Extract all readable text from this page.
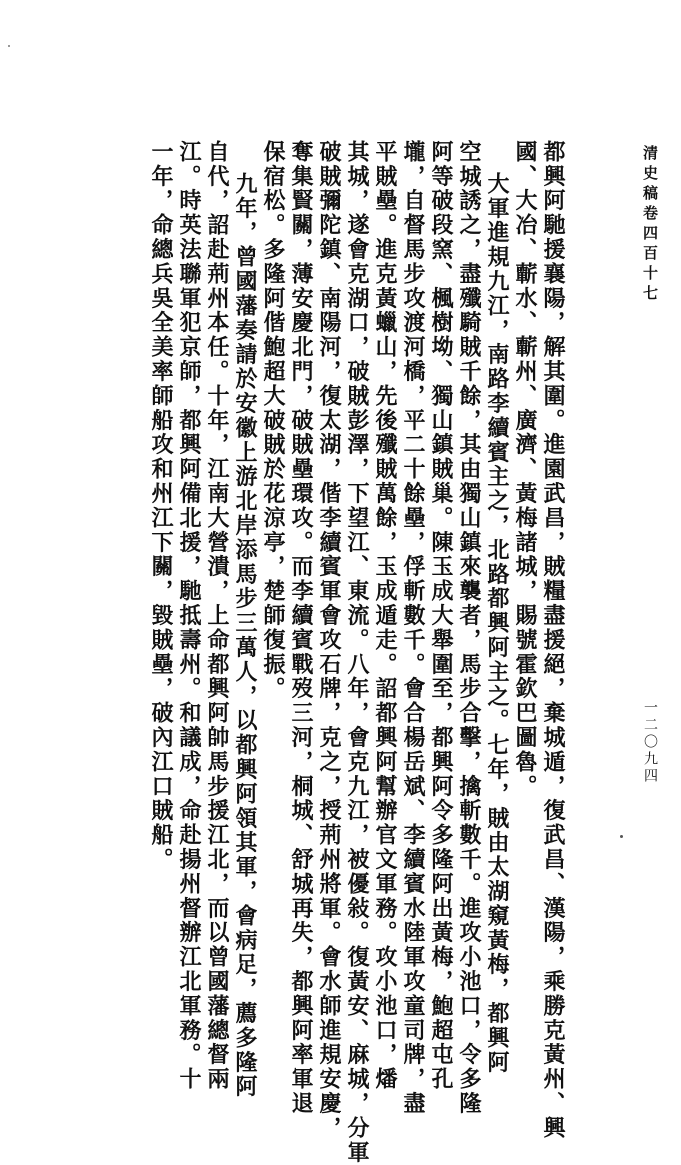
清史稿卷四百十七
一二〇九四
都興阿馳援襄陽，解其圍。進園武昌，賊糧盡援絕，棄城遁，復武昌、漢陽，乘勝克黃州、興
國、大冶、蘄水、蘄州、廣濟、黃梅諸城，賜號霍欽巴圖魯。
大軍進規九江，南路李續賓主之，北路都興阿主之。七年，賊由太湖窺黃梅，都興阿
空城誘之，盡殲騎賊千餘，其由獨山鎮來襲者，馬步合擊，擒斬數千。進攻小池口，令多隆
阿等破段窯、楓樹坳、獨山鎮賊巢。陳玉成大舉圍至，都興阿令多隆阿出黃梅，鮑超屯孔
壠，自督馬步攻渡河橋，平二十餘壘，俘斬數千。會合楊岳斌、李續賓水陸軍攻童司牌，盡
平賊壘。進克黃蠟山，先後殲賊萬餘，玉成遁走。詔都興阿幫辦官文軍務。攻小池口，燔
其城，遂會克湖口，破賊彭澤，下望江、東流。八年，會克九江，被優敍。復黃安、麻城，分軍
破賊彌陀鎮、南陽河，復太湖，偕李續賓軍會攻石牌，克之，授荊州將軍。會水師進規安慶，
奪集賢關，薄安慶北門，破賊壘環攻。而李續賓戰歿三河，桐城、舒城再失，都興阿率軍退
保宿松。多隆阿偕鮑超大破賊於花涼亭，楚師復振。
九年，曾國藩奏請於安徽上游北岸添馬步三萬人，以都興阿領其軍，會病足，薦多隆阿
自代，詔赴荊州本任。十年，江南大營潰，上命都興阿帥馬步援江北，而以曾國藩總督兩
江。時英法聯軍犯京師，都興阿備北援，馳抵壽州。和議成，命赴揚州督辦江北軍務。十
一年，命總兵吳全美率師船攻和州江下關，毀賊壘，破內江口賊船。
